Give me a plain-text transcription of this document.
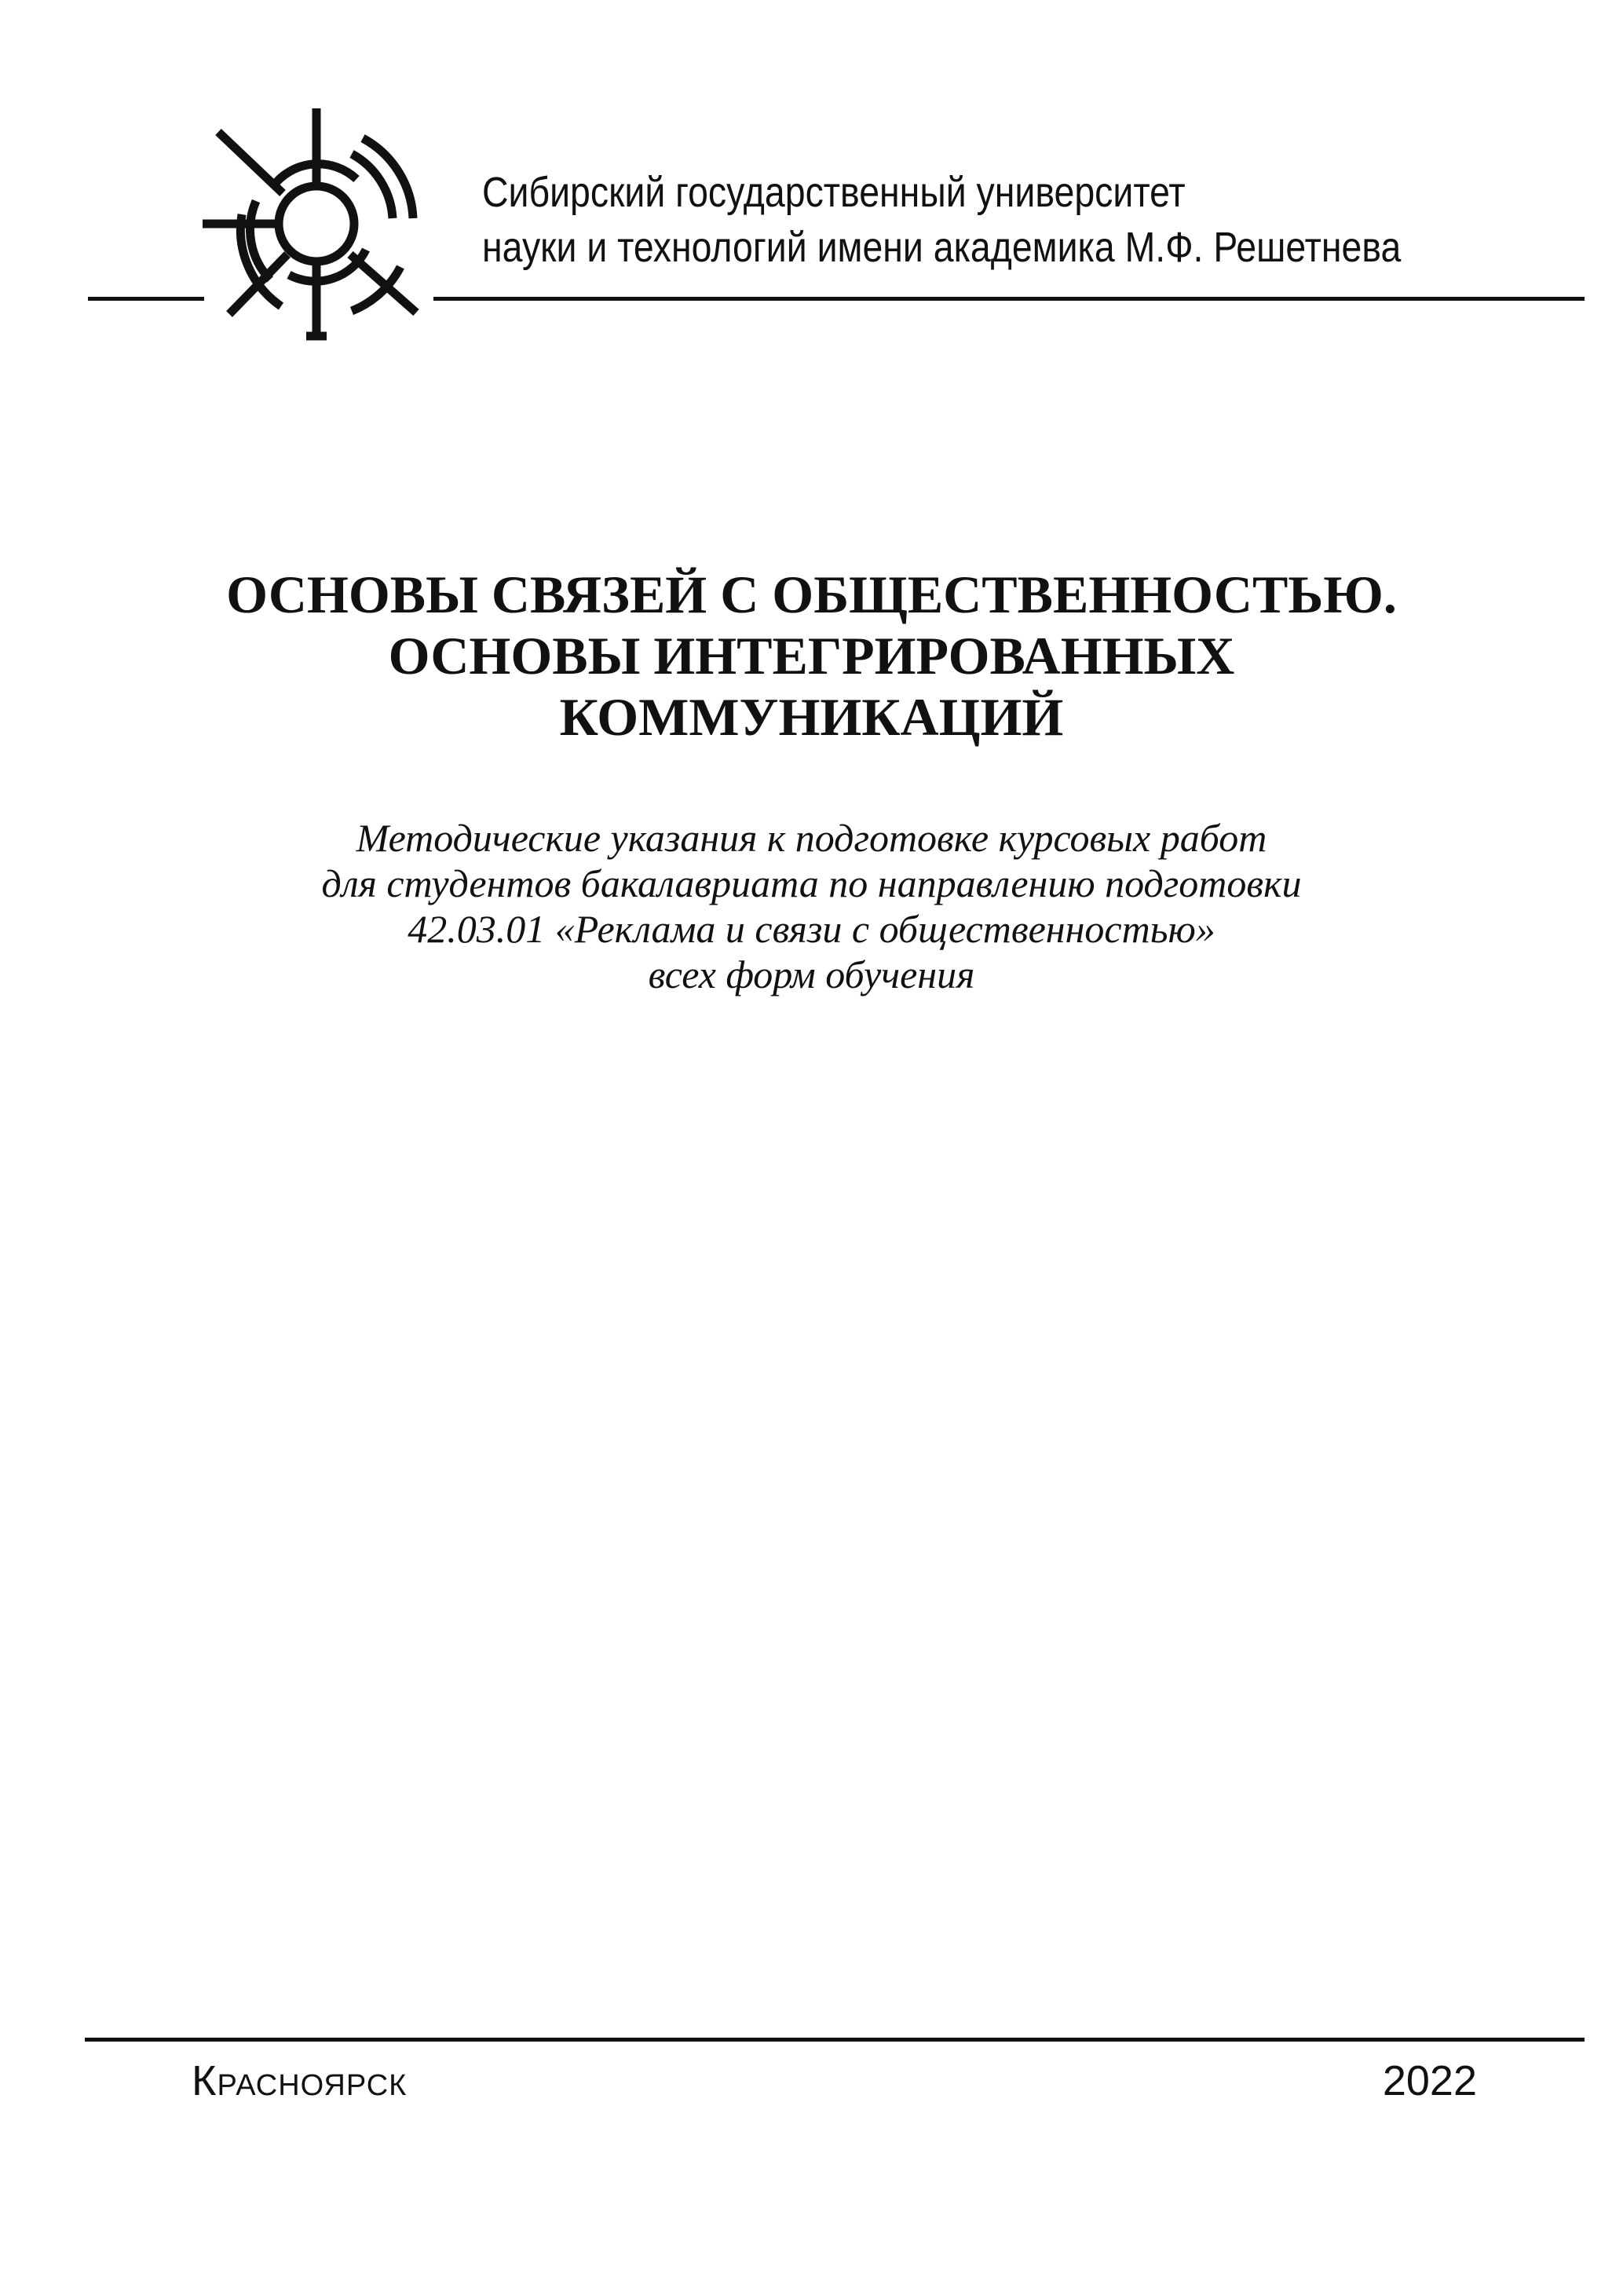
Сибирский государственный университет
науки и технологий имени академика М.Ф. Решетнева
ОСНОВЫ СВЯЗЕЙ С ОБЩЕСТВЕННОСТЬЮ.
ОСНОВЫ ИНТЕГРИРОВАННЫХ
КОММУНИКАЦИЙ
Методические указания к подготовке курсовых работ
для студентов бакалавриата по направлению подготовки
42.03.01 «Реклама и связи с общественностью»
всех форм обучения
Красноярск	2022
